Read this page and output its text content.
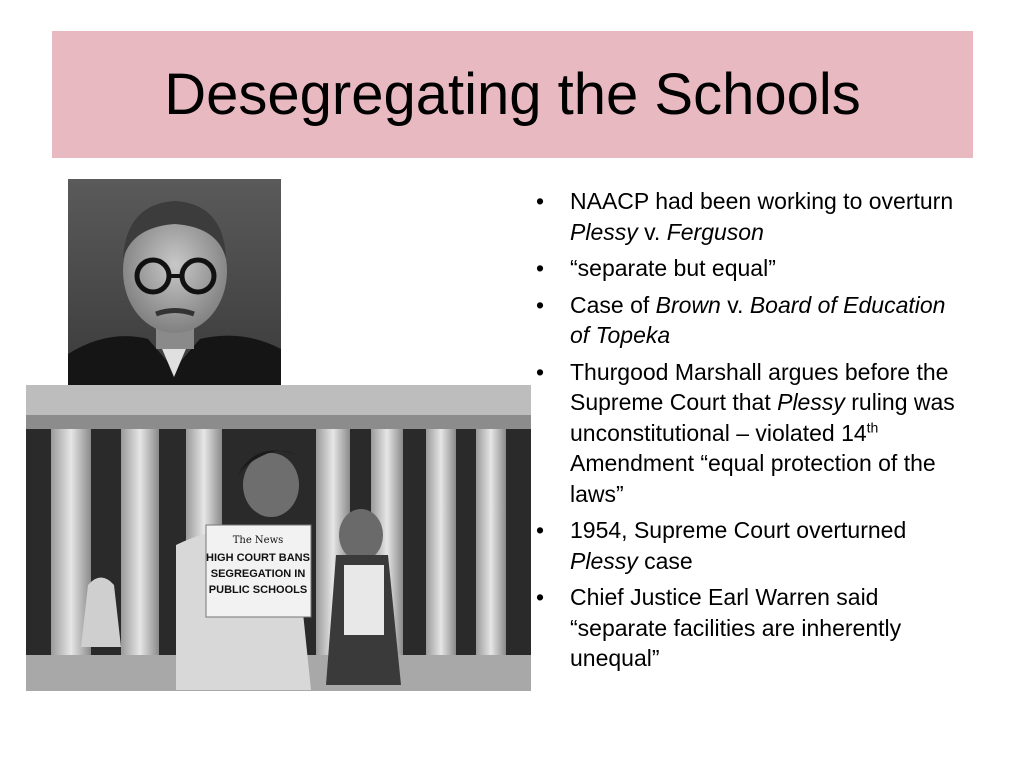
Desegregating the Schools
The News
HIGH COURT BANS
SEGREGATION IN
PUBLIC SCHOOLS
• NAACP had been working to overturn Plessy v. Ferguson
• “separate but equal”
• Case of Brown v. Board of Education of Topeka
• Thurgood Marshall argues before the Supreme Court that Plessy ruling was unconstitutional – violated 14th Amendment “equal protection of the laws”
• 1954, Supreme Court overturned Plessy case
• Chief Justice Earl Warren said “separate facilities are inherently unequal”
